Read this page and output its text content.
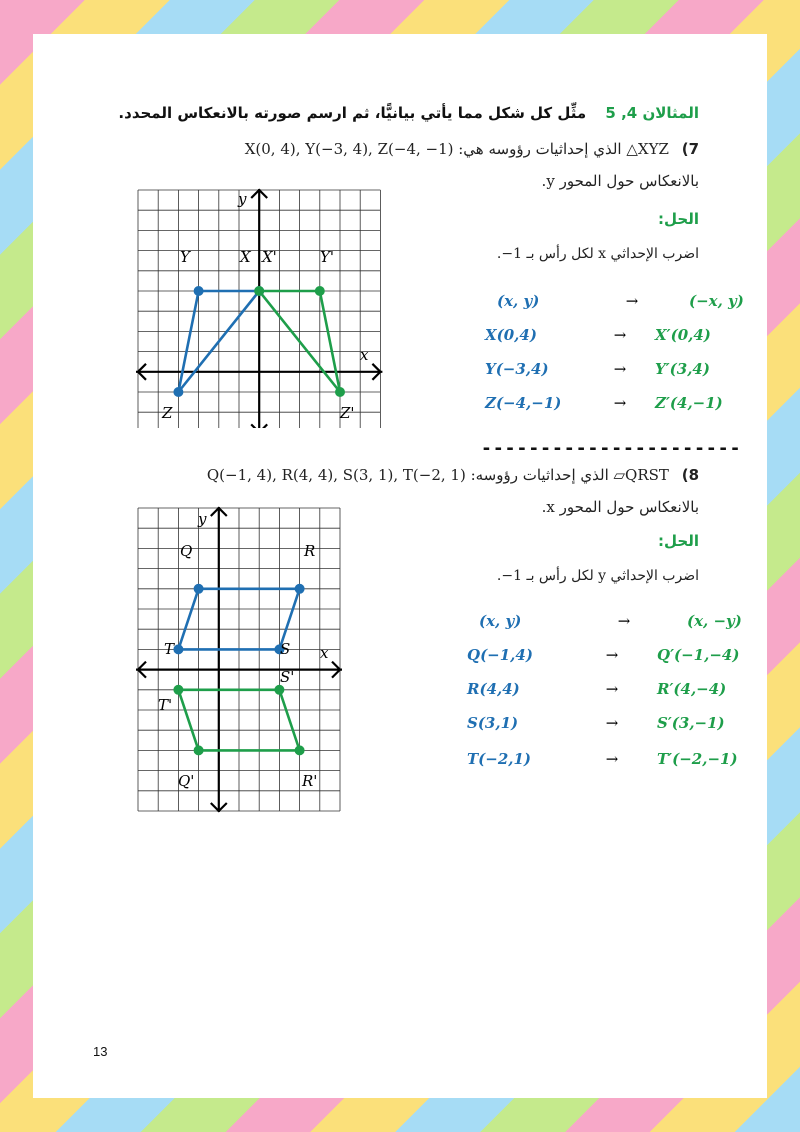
المثالان 4, 5 مثِّل كل شكل مما يأتي بيانيًّا، ثم ارسم صورته بالانعكاس المحدد.
7) XYZ△ الذي إحداثيات رؤوسه هي: X(0, 4), Y(−3, 4), Z(−4, −1)
بالانعكاس حول المحور y.
الحل:
اضرب الإحداثي x لكل رأس بـ 1−.
(x, y)	→	(−x, y)
X(0,4)	→	X′(0,4)
Y(−3,4)	→	Y′(3,4)
Z(−4,−1)	→	Z′(4,−1)
----------------------
8) QRST▱ الذي إحداثيات رؤوسه: Q(−1, 4), R(4, 4), S(3, 1), T(−2, 1)
بالانعكاس حول المحور x.
الحل:
اضرب الإحداثي y لكل رأس بـ 1−.
(x, y)	→	(x, −y)
Q(−1,4)	→	Q′(−1,−4)
R(4,4)	→	R′(4,−4)
S(3,1)	→	S′(3,−1)
T(−2,1)	→	T′(−2,−1)
13
x
y
Y	X X'	Y'
Z	Z'
x
y
Q	R
T	S
S'
T'
Q'	R'
